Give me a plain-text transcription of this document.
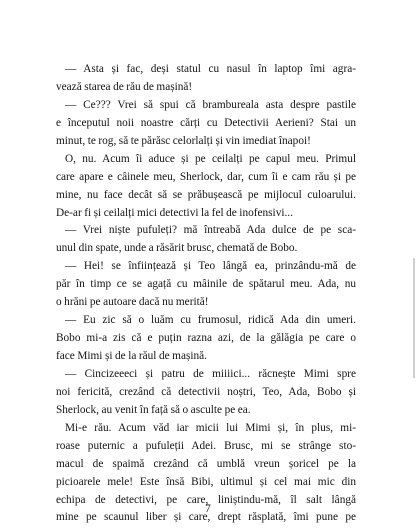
— Asta și fac, deși statul cu nasul în laptop îmi agra-
vează starea de rău de mașină!
— Ce??? Vrei să spui că brambureala asta despre pastile
e începutul noii noastre cărți cu Detectivii Aerieni? Stai un
minut, te rog, să te părăsc celorlalți și vin imediat înapoi!
O, nu. Acum îi aduce și pe ceilalți pe capul meu. Primul
care apare e câinele meu, Sherlock, dar, cum îi e cam rău și pe
mine, nu face decât să se prăbușească pe mijlocul culoarului.
De-ar fi și ceilalți mici detectivi la fel de inofensivi...
— Vrei niște pufuleți? mă întreabă Ada dulce de pe sca-
unul din spate, unde a răsărit brusc, chemată de Bobo.
— Hei! se înființează și Teo lângă ea, prinzându-mă de
păr în timp ce se agață cu mâinile de spătarul meu. Ada, nu
o hrăni pe autoare dacă nu merită!
— Eu zic să o luăm cu frumosul, ridică Ada din umeri.
Bobo mi-a zis că e puțin razna azi, de la gălăgia pe care o
face Mimi și de la răul de mașină.
— Cincizeeeci și patru de miiiici... răcnește Mimi spre
noi fericită, crezând că detectivii noștri, Teo, Ada, Bobo și
Sherlock, au venit în față să o asculte pe ea.
Mi-e rău. Acum văd iar micii lui Mimi și, în plus, mi-
roase puternic a pufuleții Adei. Brusc, mi se strânge sto-
macul de spaimă crezând că umblă vreun șoricel pe la
picioarele mele! Este însă Bibi, ultimul și cel mai mic din
echipa de detectivi, pe care, liniștindu-mă, îl salt lângă
mine pe scaunul liber și care, drept răsplată, îmi pune pe
7
